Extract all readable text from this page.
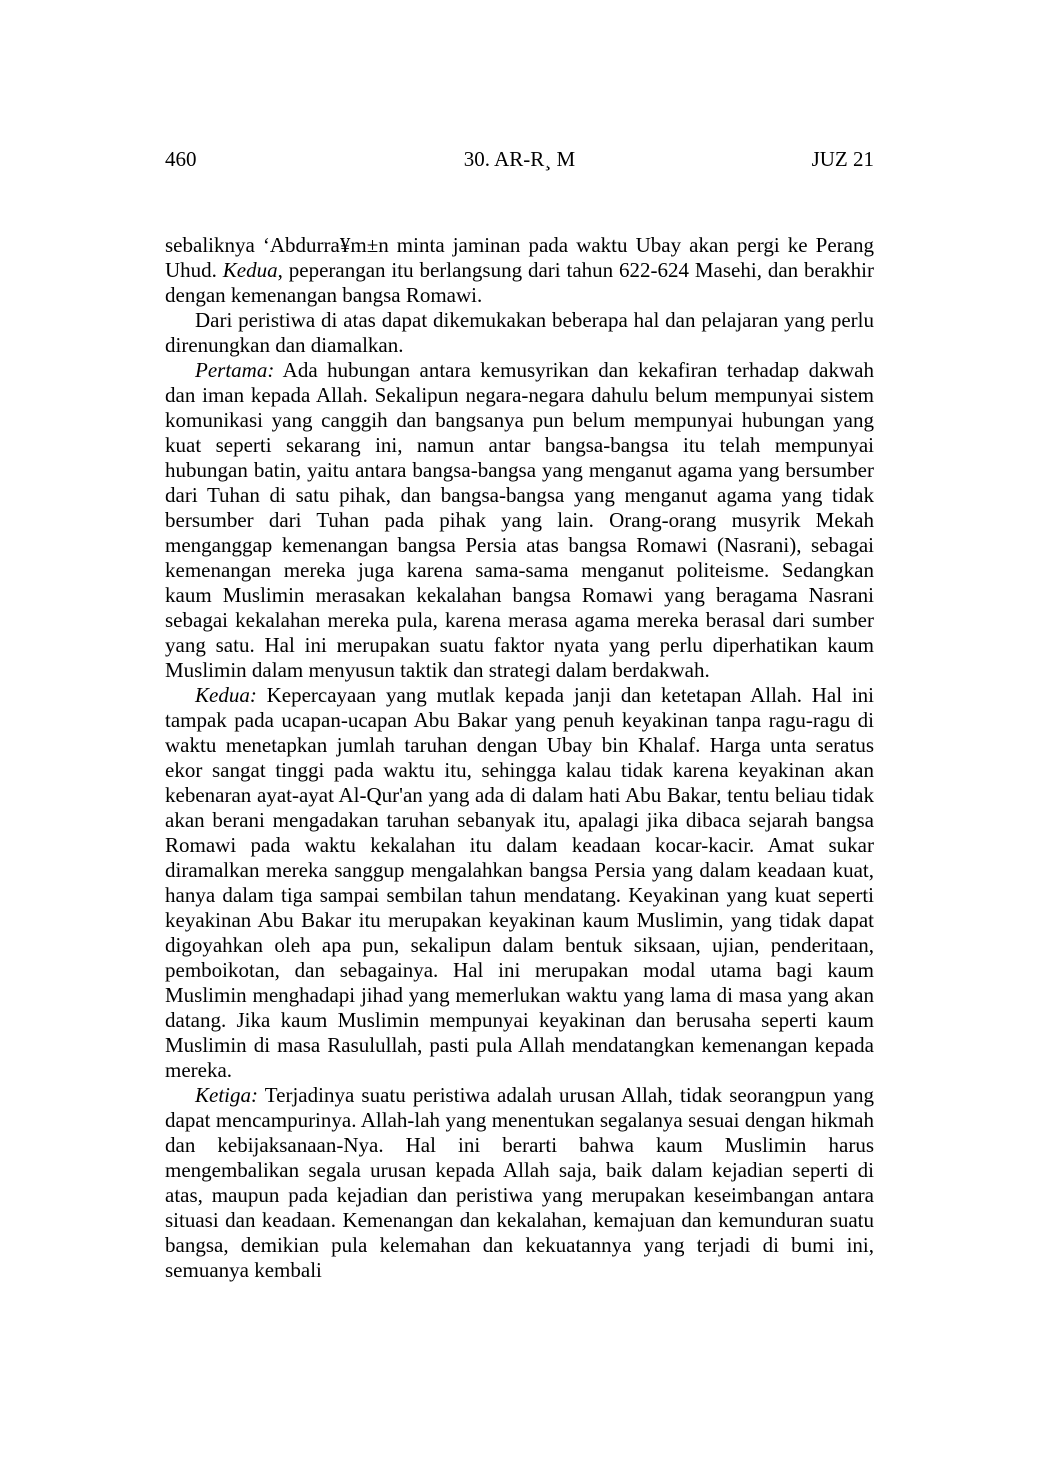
460	30. AR-R¸ M	JUZ 21

sebaliknya ‘Abdurra¥m±n minta jaminan pada waktu Ubay akan pergi ke Perang Uhud. Kedua, peperangan itu berlangsung dari tahun 622-624 Masehi, dan berakhir dengan kemenangan bangsa Romawi.

Dari peristiwa di atas dapat dikemukakan beberapa hal dan pelajaran yang perlu direnungkan dan diamalkan.

Pertama: Ada hubungan antara kemusyrikan dan kekafiran terhadap dakwah dan iman kepada Allah. Sekalipun negara-negara dahulu belum mempunyai sistem komunikasi yang canggih dan bangsanya pun belum mempunyai hubungan yang kuat seperti sekarang ini, namun antar bangsa-bangsa itu telah mempunyai hubungan batin, yaitu antara bangsa-bangsa yang menganut agama yang bersumber dari Tuhan di satu pihak, dan bangsa-bangsa yang menganut agama yang tidak bersumber dari Tuhan pada pihak yang lain. Orang-orang musyrik Mekah menganggap kemenangan bangsa Persia atas bangsa Romawi (Nasrani), sebagai kemenangan mereka juga karena sama-sama menganut politeisme. Sedangkan kaum Muslimin merasakan kekalahan bangsa Romawi yang beragama Nasrani sebagai kekalahan mereka pula, karena merasa agama mereka berasal dari sumber yang satu. Hal ini merupakan suatu faktor nyata yang perlu diperhatikan kaum Muslimin dalam menyusun taktik dan strategi dalam berdakwah.

Kedua: Kepercayaan yang mutlak kepada janji dan ketetapan Allah. Hal ini tampak pada ucapan-ucapan Abu Bakar yang penuh keyakinan tanpa ragu-ragu di waktu menetapkan jumlah taruhan dengan Ubay bin Khalaf. Harga unta seratus ekor sangat tinggi pada waktu itu, sehingga kalau tidak karena keyakinan akan kebenaran ayat-ayat Al-Qur'an yang ada di dalam hati Abu Bakar, tentu beliau tidak akan berani mengadakan taruhan sebanyak itu, apalagi jika dibaca sejarah bangsa Romawi pada waktu kekalahan itu dalam keadaan kocar-kacir. Amat sukar diramalkan mereka sanggup mengalahkan bangsa Persia yang dalam keadaan kuat, hanya dalam tiga sampai sembilan tahun mendatang. Keyakinan yang kuat seperti keyakinan Abu Bakar itu merupakan keyakinan kaum Muslimin, yang tidak dapat digoyahkan oleh apa pun, sekalipun dalam bentuk siksaan, ujian, penderitaan, pemboikotan, dan sebagainya. Hal ini merupakan modal utama bagi kaum Muslimin menghadapi jihad yang memerlukan waktu yang lama di masa yang akan datang. Jika kaum Muslimin mempunyai keyakinan dan berusaha seperti kaum Muslimin di masa Rasulullah, pasti pula Allah mendatangkan kemenangan kepada mereka.

Ketiga: Terjadinya suatu peristiwa adalah urusan Allah, tidak seorangpun yang dapat mencampurinya. Allah-lah yang menentukan segalanya sesuai dengan hikmah dan kebijaksanaan-Nya. Hal ini berarti bahwa kaum Muslimin harus mengembalikan segala urusan kepada Allah saja, baik dalam kejadian seperti di atas, maupun pada kejadian dan peristiwa yang merupakan keseimbangan antara situasi dan keadaan. Kemenangan dan kekalahan, kemajuan dan kemunduran suatu bangsa, demikian pula kelemahan dan kekuatannya yang terjadi di bumi ini, semuanya kembali
